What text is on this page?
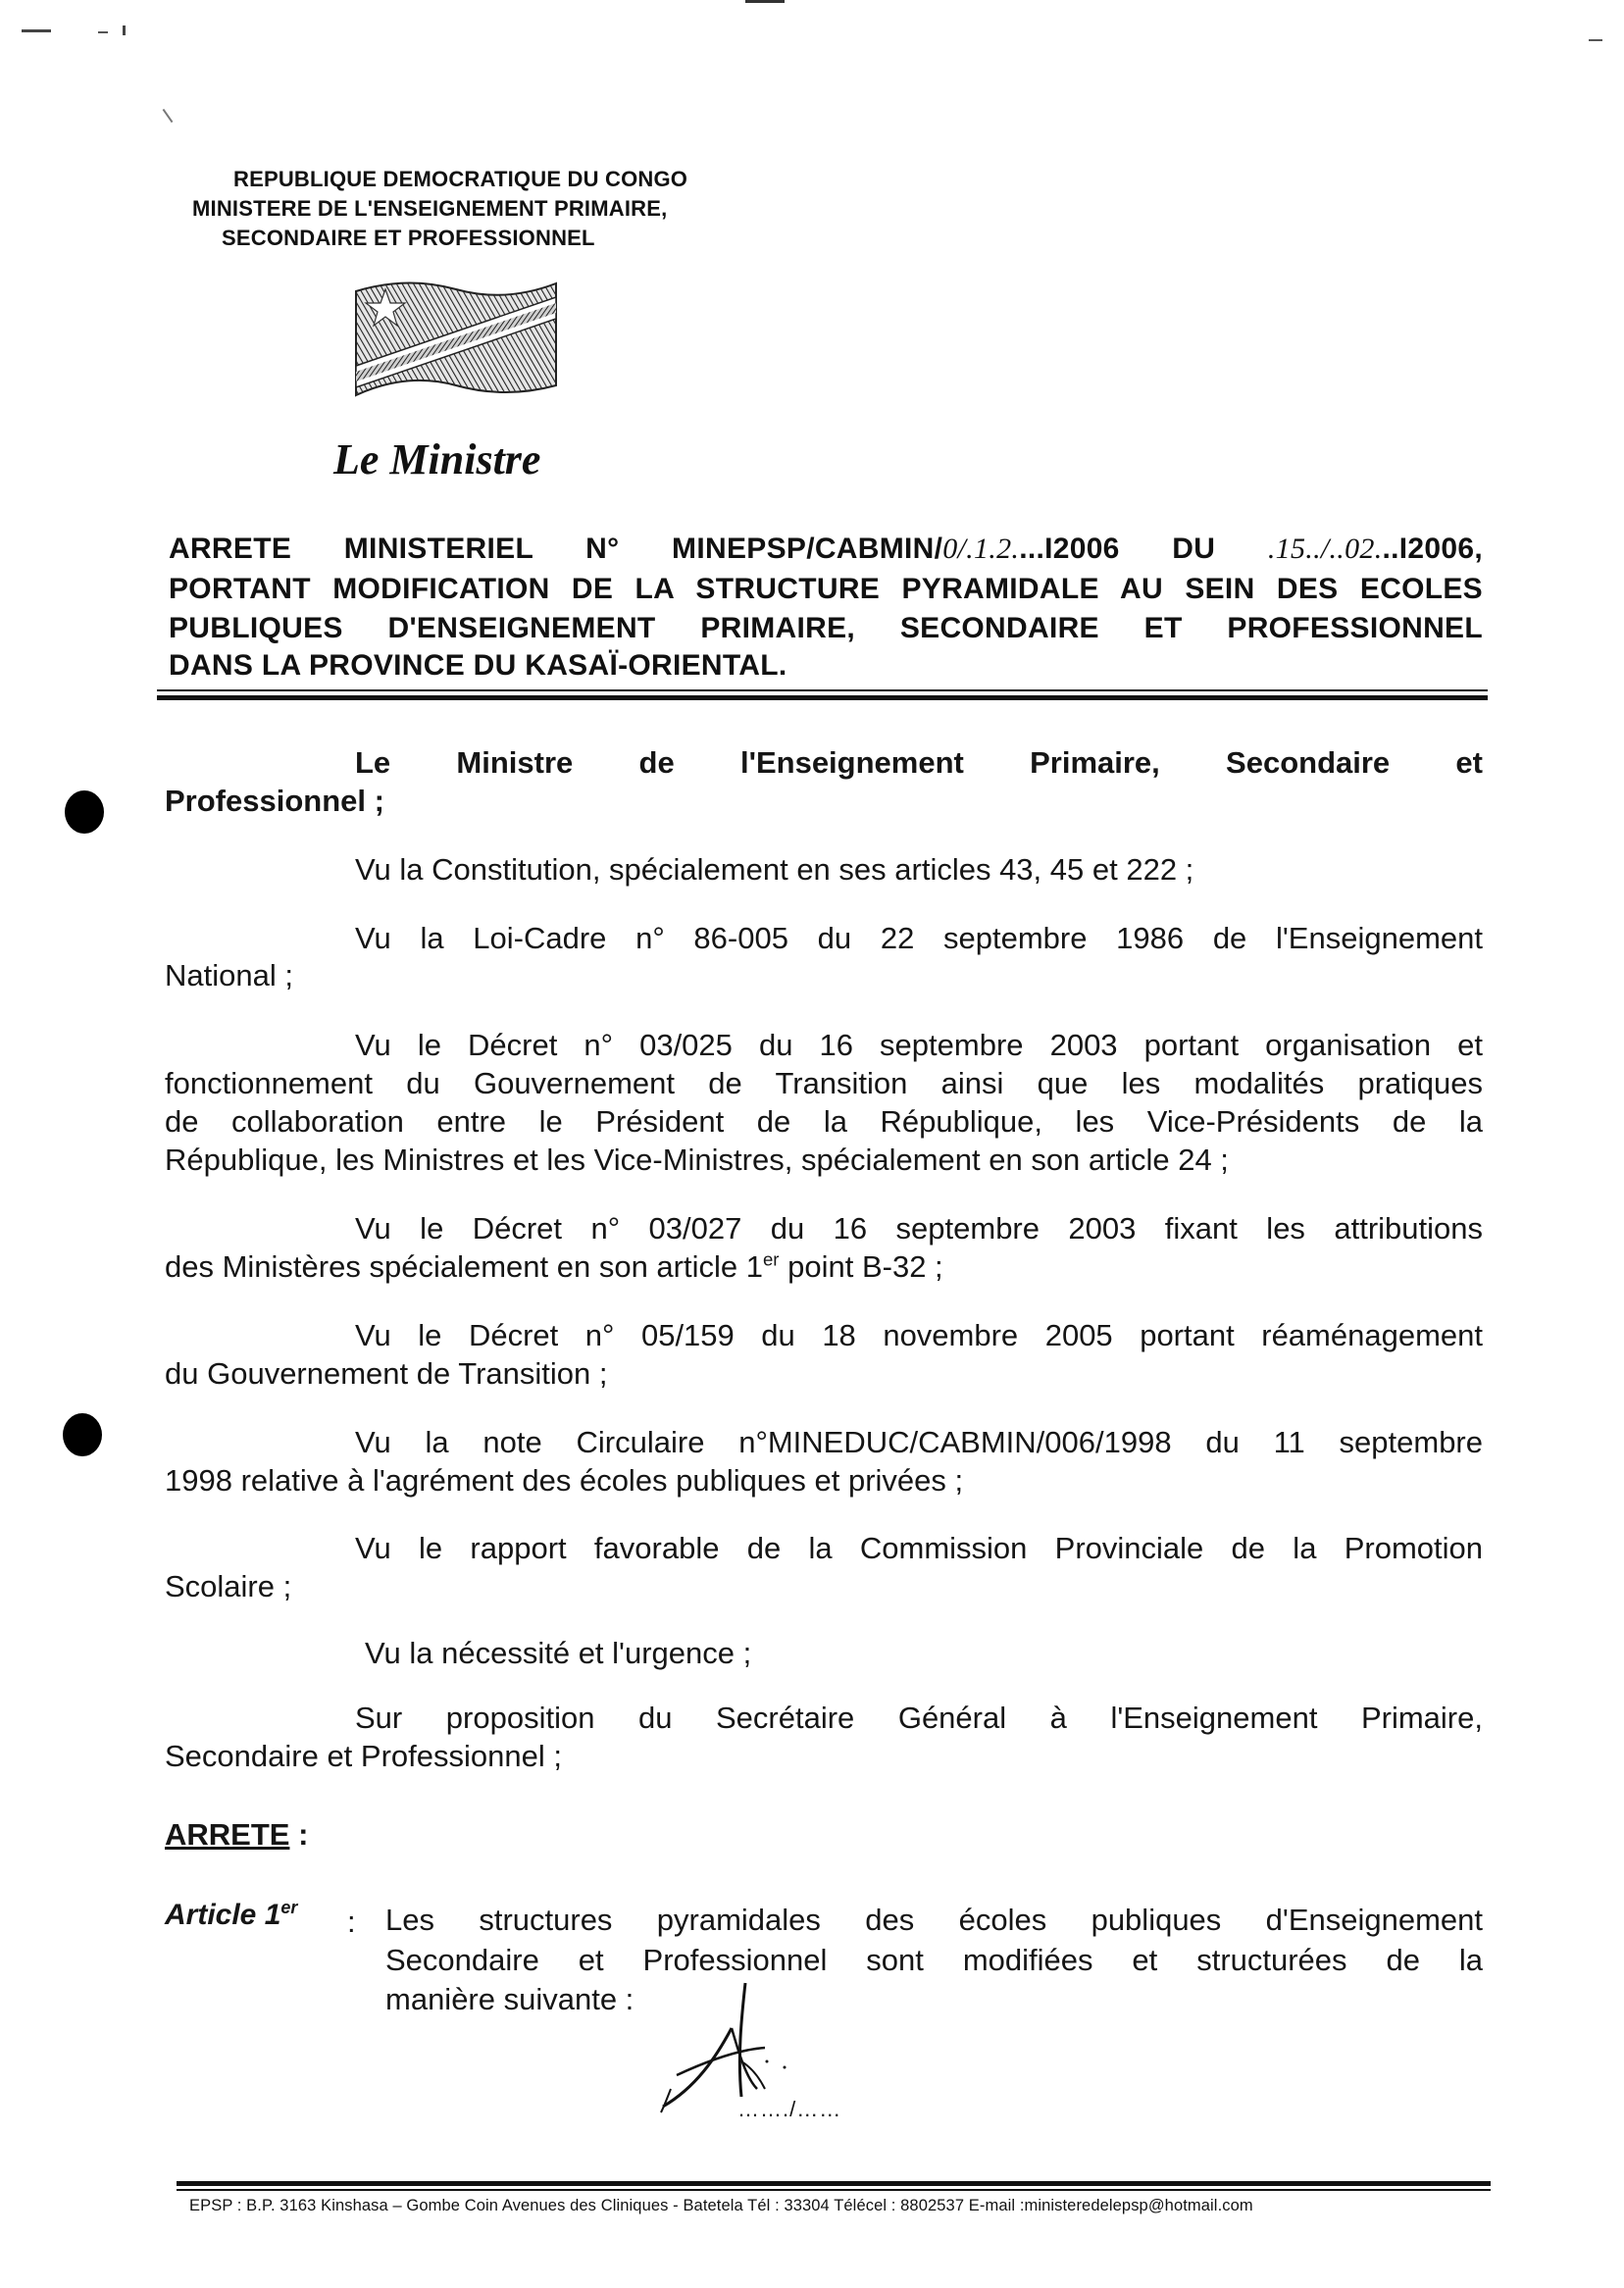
REPUBLIQUE DEMOCRATIQUE DU CONGO
MINISTERE DE L'ENSEIGNEMENT PRIMAIRE,
SECONDAIRE ET PROFESSIONNEL
Le Ministre
ARRETE MINISTERIEL N° MINEPSP/CABMIN/0/.1.2....I2006 DU .15../..02...I2006,
PORTANT MODIFICATION DE LA STRUCTURE PYRAMIDALE AU SEIN DES ECOLES
PUBLIQUES D'ENSEIGNEMENT PRIMAIRE, SECONDAIRE ET PROFESSIONNEL
DANS LA PROVINCE DU KASAÏ-ORIENTAL.
Le Ministre de l'Enseignement Primaire, Secondaire et
Professionnel ;
Vu la Constitution, spécialement en ses articles 43, 45 et 222 ;
Vu la Loi-Cadre n° 86-005 du 22 septembre 1986 de l'Enseignement
National ;
Vu le Décret n° 03/025 du 16 septembre 2003 portant organisation et
fonctionnement du Gouvernement de Transition ainsi que les modalités pratiques
de collaboration entre le Président de la République, les Vice-Présidents de la
République, les Ministres et les Vice-Ministres, spécialement en son article 24 ;
Vu le Décret n° 03/027 du 16 septembre 2003 fixant les attributions
des Ministères spécialement en son article 1er point B-32 ;
Vu le Décret n° 05/159 du 18 novembre 2005 portant réaménagement
du Gouvernement de Transition ;
Vu la note Circulaire n°MINEDUC/CABMIN/006/1998 du 11 septembre
1998 relative à l'agrément des écoles publiques et privées ;
Vu le rapport favorable de la Commission Provinciale de la Promotion
Scolaire ;
Vu la nécessité et l'urgence ;
Sur proposition du Secrétaire Général à l'Enseignement Primaire,
Secondaire et Professionnel ;
ARRETE :
Article 1er : Les structures pyramidales des écoles publiques d'Enseignement
Secondaire et Professionnel sont modifiées et structurées de la
manière suivante :
……./……
EPSP : B.P. 3163 Kinshasa – Gombe Coin Avenues des Cliniques - Batetela Tél : 33304 Télécel : 8802537 E-mail :ministeredelepsp@hotmail.com
